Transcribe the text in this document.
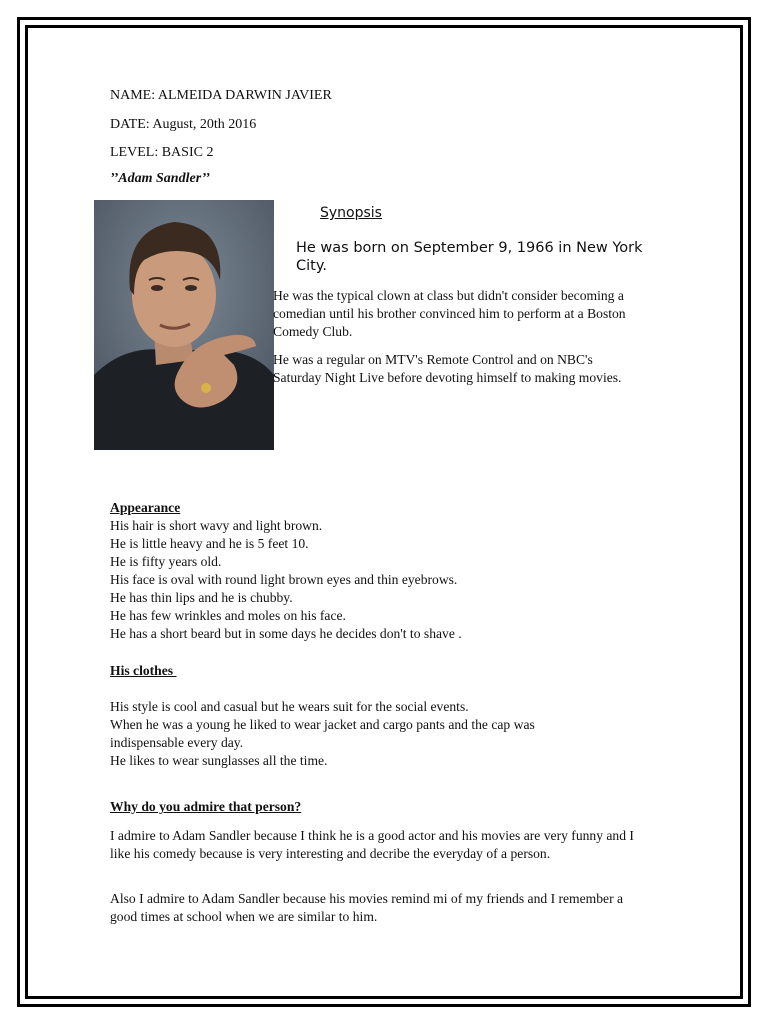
NAME: ALMEIDA DARWIN JAVIER
DATE: August, 20th 2016
LEVEL: BASIC 2
’’Adam Sandler’’
Synopsis
He was born on September 9, 1966 in New York City.
He was the typical clown at class but didn't consider becoming a comedian until his brother convinced him to perform at a Boston Comedy Club.
He was a regular on MTV's Remote Control and on NBC's Saturday Night Live before devoting himself to making movies.
Appearance
His hair is short wavy and light brown.
He is little heavy and he is 5 feet 10.
He is fifty years old.
His face is oval with round light brown eyes and thin eyebrows.
He has thin lips and he is chubby.
He has few wrinkles and moles on his face.
He has a short beard but in some days he decides don't to shave .
His clothes
His style is cool and casual but he wears suit for the social events.
When he was a young he liked to wear jacket and cargo pants and the cap was
indispensable every day.
He likes to wear sunglasses all the time.
Why do you admire that person?
I admire to Adam Sandler because I think he is a good actor and his movies are very funny and I like his comedy because is very interesting and decribe the everyday of a person.
Also I admire to Adam Sandler because his movies remind mi of my friends and I remember a good times at school when we are similar to him.
